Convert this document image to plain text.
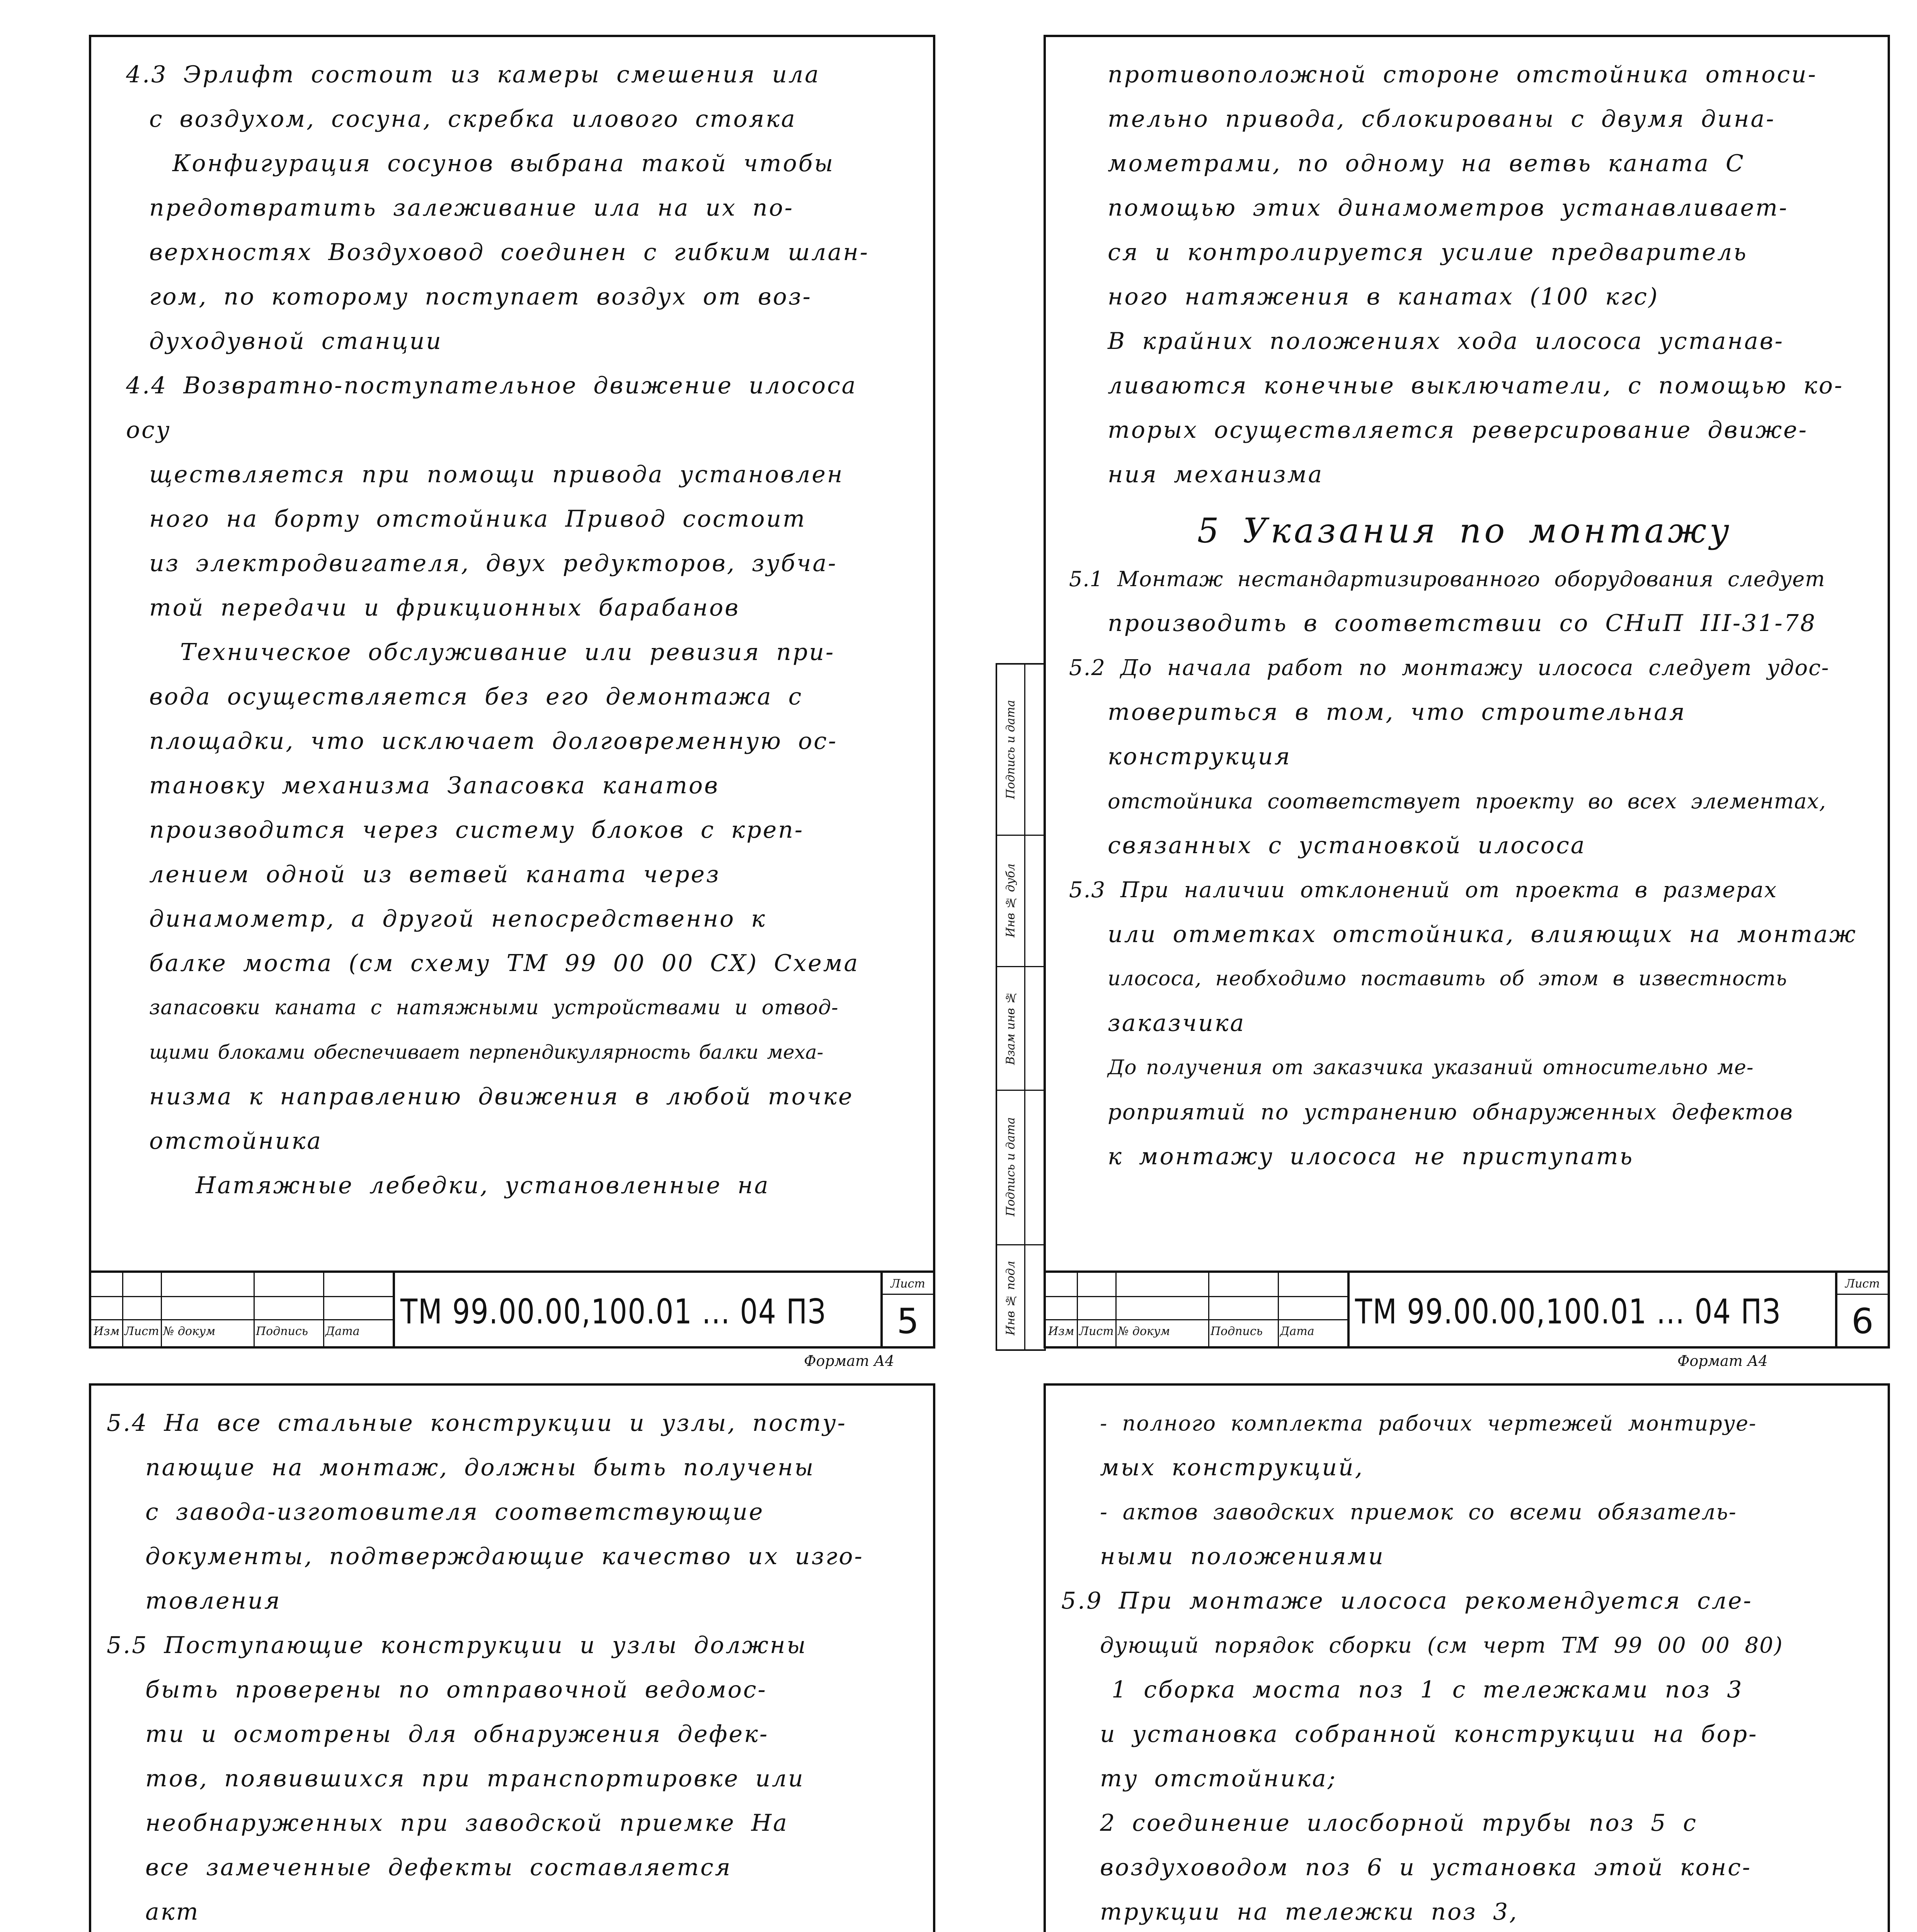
4.3 Эрлифт состоит из камеры смешения ила

с воздухом, сосуна, скребка илового стояка

Конфигурация сосунов выбрана такой чтобы

предотвратить залеживание ила на их по-

верхностях Воздуховод соединен с гибким шлан-

гом, по которому поступает воздух от воз-

духодувной станции

4.4 Возвратно-поступательное движение илососа осу

ществляется при помощи привода установлен

ного на борту отстойника Привод состоит

из электродвигателя, двух редукторов, зубча-

той передачи и фрикционных барабанов

Техническое обслуживание или ревизия при-

вода осуществляется без его демонтажа с

площадки, что исключает долговременную ос-

тановку механизма Запасовка канатов

производится через систему блоков с креп-

лением одной из ветвей каната через

динамометр, а другой непосредственно к

балке моста (см схему ТМ 99 00 00 СХ) Схема

запасовки каната с натяжными устройствами и отвод-

щими блоками обеспечивает перпендикулярность балки меха-

низма к направлению движения в любой точке

отстойника

Натяжные лебедки, установленные на

Изм Лист № докум	Подпись	Дата ТМ 99.00.00,100.01 ... 04 ПЗ
Лист
5
Формат А4

противоположной стороне отстойника относи-

тельно привода, сблокированы с двумя дина-

мометрами, по одному на ветвь каната С

помощью этих динамометров устанавливает-

ся и контролируется усилие предваритель

ного натяжения в канатах (100 кгс)

В крайних положениях хода илососа устанав-

ливаются конечные выключатели, с помощью ко-

торых осуществляется реверсирование движе-

ния механизма

5 Указания по монтажу

5.1 Монтаж нестандартизированного оборудования следует

производить в соответствии со СНиП III-31-78

5.2 До начала работ по монтажу илососа следует удос-

товериться в том, что строительная конструкция

отстойника соответствует проекту во всех элементах,

связанных с установкой илососа

5.3 При наличии отклонений от проекта в размерах

или отметках отстойника, влияющих на монтаж

илососа, необходимо поставить об этом в известность

заказчика

До получения от заказчика указаний относительно ме-

роприятий по устранению обнаруженных дефектов

к монтажу илососа не приступать

Инв № подл
Подпись и дата
Взам инв №
Инв № дубл
Подпись и дата
Изм Лист № докум	Подпись	Дата ТМ 99.00.00,100.01 ... 04 ПЗ
Лист
6
Формат А4

5.4 На все стальные конструкции и узлы, посту-

пающие на монтаж, должны быть получены

с завода-изготовителя соответствующие

документы, подтверждающие качество их изго-

товления

5.5 Поступающие конструкции и узлы должны

быть проверены по отправочной ведомос-

ти и осмотрены для обнаружения дефек-

тов, появившихся при транспортировке или

необнаруженных при заводской приемке На

все замеченные дефекты составляется

акт

- полного комплекта рабочих чертежей монтируе-

мых конструкций,

- актов заводских приемок со всеми обязатель-

ными положениями

5.9 При монтаже илососа рекомендуется сле-

дующий порядок сборки (см черт ТМ 99 00 00 80)

1 сборка моста поз 1 с тележками поз 3

и установка собранной конструкции на бор-

ту отстойника;

2 соединение илосборной трубы поз 5 с

воздуховодом поз 6 и установка этой конс-

трукции на тележки поз 3,
